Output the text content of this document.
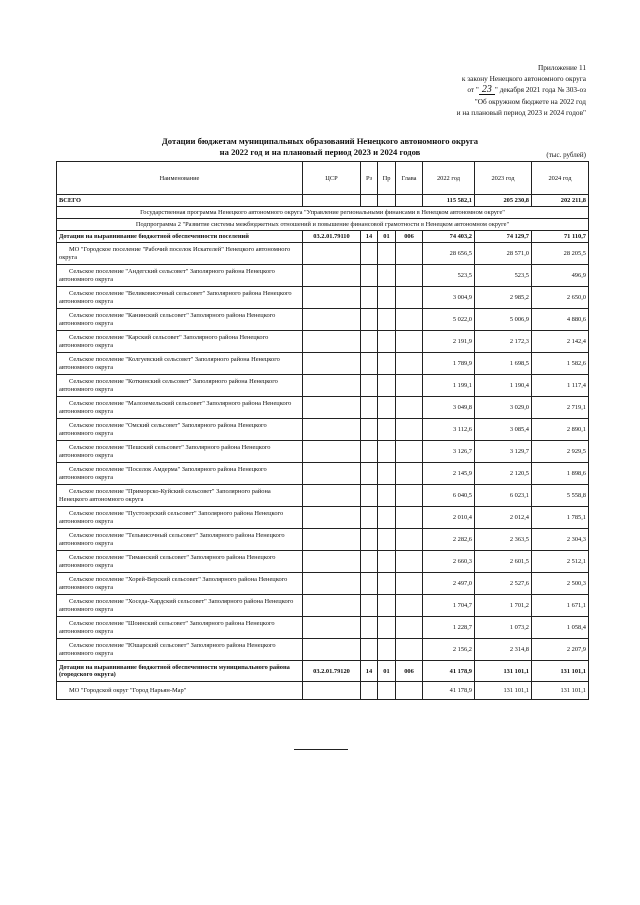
Приложение 11
к закону Ненецкого автономного округа
от " 23 " декабря 2021 года № 303-оз
"Об окружном бюджете на 2022 год
и на плановый период 2023 и 2024 годов"
Дотации бюджетам муниципальных образований Ненецкого автономного округа
на 2022 год и на плановый период 2023 и 2024 годов	(тыс. рублей)
Наименование	ЦСР	Рз	Пр	Глава	2022 год	2023 год	2024 год
ВСЕГО					115 582,1	205 230,8	202 211,8
Государственная программа Ненецкого автономного округа "Управление региональными финансами в Ненецком автономном округе"							
Подпрограмма 2 "Развитие системы межбюджетных отношений и повышение финансовой грамотности в Ненецком автономном округе"							
Дотации на выравнивание бюджетной обеспеченности поселений	03.2.01.79110	14	01	006	74 403,2	74 129,7	71 110,7
МО "Городское поселение "Рабочий поселок Искателей" Ненецкого автономного округа					28 656,5	28 571,0	28 205,5
Сельское поселение "Андегский сельсовет" Заполярного района Ненецкого автономного округа					523,5	523,5	496,9
Сельское поселение "Великовисочный сельсовет" Заполярного района Ненецкого автономного округа					3 004,9	2 985,2	2 650,0
Сельское поселение "Канинский сельсовет" Заполярного района Ненецкого автономного округа					5 022,0	5 006,9	4 880,6
Сельское поселение "Карский сельсовет" Заполярного района Ненецкого автономного округа					2 191,9	2 172,3	2 142,4
Сельское поселение "Колгуевский сельсовет" Заполярного района Ненецкого автономного округа					1 789,9	1 698,5	1 582,6
Сельское поселение "Коткинский сельсовет" Заполярного района Ненецкого автономного округа					1 199,1	1 190,4	1 117,4
Сельское поселение "Малоземельский сельсовет" Заполярного района Ненецкого автономного округа					3 049,8	3 029,0	2 719,1
Сельское поселение "Омский сельсовет" Заполярного района Ненецкого автономного округа					3 112,6	3 085,4	2 890,1
Сельское поселение "Пешский сельсовет" Заполярного района Ненецкого автономного округа					3 126,7	3 129,7	2 929,5
Сельское поселение "Поселок Амдерма" Заполярного района Ненецкого автономного округа					2 145,9	2 120,5	1 898,6
Сельское поселение "Приморско-Куйский сельсовет" Заполярного района Ненецкого автономного округа					6 040,5	6 023,1	5 558,8
Сельское поселение "Пустозерский сельсовет" Заполярного района Ненецкого автономного округа					2 010,4	2 012,4	1 785,1
Сельское поселение "Тельвисочный сельсовет" Заполярного района Ненецкого автономного округа					2 282,6	2 363,5	2 304,3
Сельское поселение "Тиманский сельсовет" Заполярного района Ненецкого автономного округа					2 660,3	2 601,5	2 512,1
Сельское поселение "Хорей-Верский сельсовет" Заполярного района Ненецкого автономного округа					2 497,0	2 527,6	2 500,3
Сельское поселение "Хоседа-Хардский сельсовет" Заполярного района Ненецкого автономного округа					1 704,7	1 701,2	1 671,1
Сельское поселение "Шоинский сельсовет" Заполярного района Ненецкого автономного округа					1 228,7	1 073,2	1 058,4
Сельское поселение "Юшарский сельсовет" Заполярного района Ненецкого автономного округа					2 156,2	2 314,8	2 207,9
Дотации на выравнивание бюджетной обеспеченности муниципального района (городского округа)	03.2.01.79120	14	01	006	41 178,9	131 101,1	131 101,1
МО "Городской округ "Город Нарьян-Мар"					41 178,9	131 101,1	131 101,1
